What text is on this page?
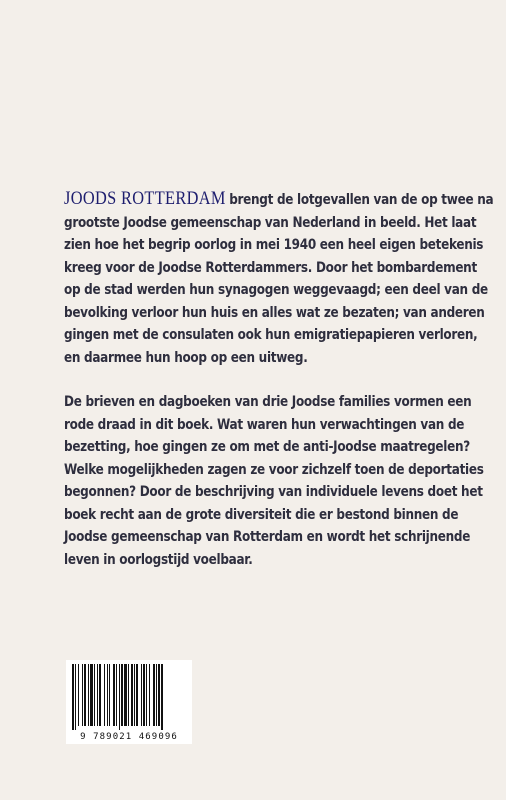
JOODS ROTTERDAM brengt de lotgevallen van de op twee na
grootste Joodse gemeenschap van Nederland in beeld. Het laat
zien hoe het begrip oorlog in mei 1940 een heel eigen betekenis
kreeg voor de Joodse Rotterdammers. Door het bombardement
op de stad werden hun synagogen weggevaagd; een deel van de
bevolking verloor hun huis en alles wat ze bezaten; van anderen
gingen met de consulaten ook hun emigratiepapieren verloren,
en daarmee hun hoop op een uitweg.

De brieven en dagboeken van drie Joodse families vormen een
rode draad in dit boek. Wat waren hun verwachtingen van de
bezetting, hoe gingen ze om met de anti-Joodse maatregelen?
Welke mogelijkheden zagen ze voor zichzelf toen de deportaties
begonnen? Door de beschrijving van individuele levens doet het
boek recht aan de grote diversiteit die er bestond binnen de
Joodse gemeenschap van Rotterdam en wordt het schrijnende
leven in oorlogstijd voelbaar.

9 789021 469096
